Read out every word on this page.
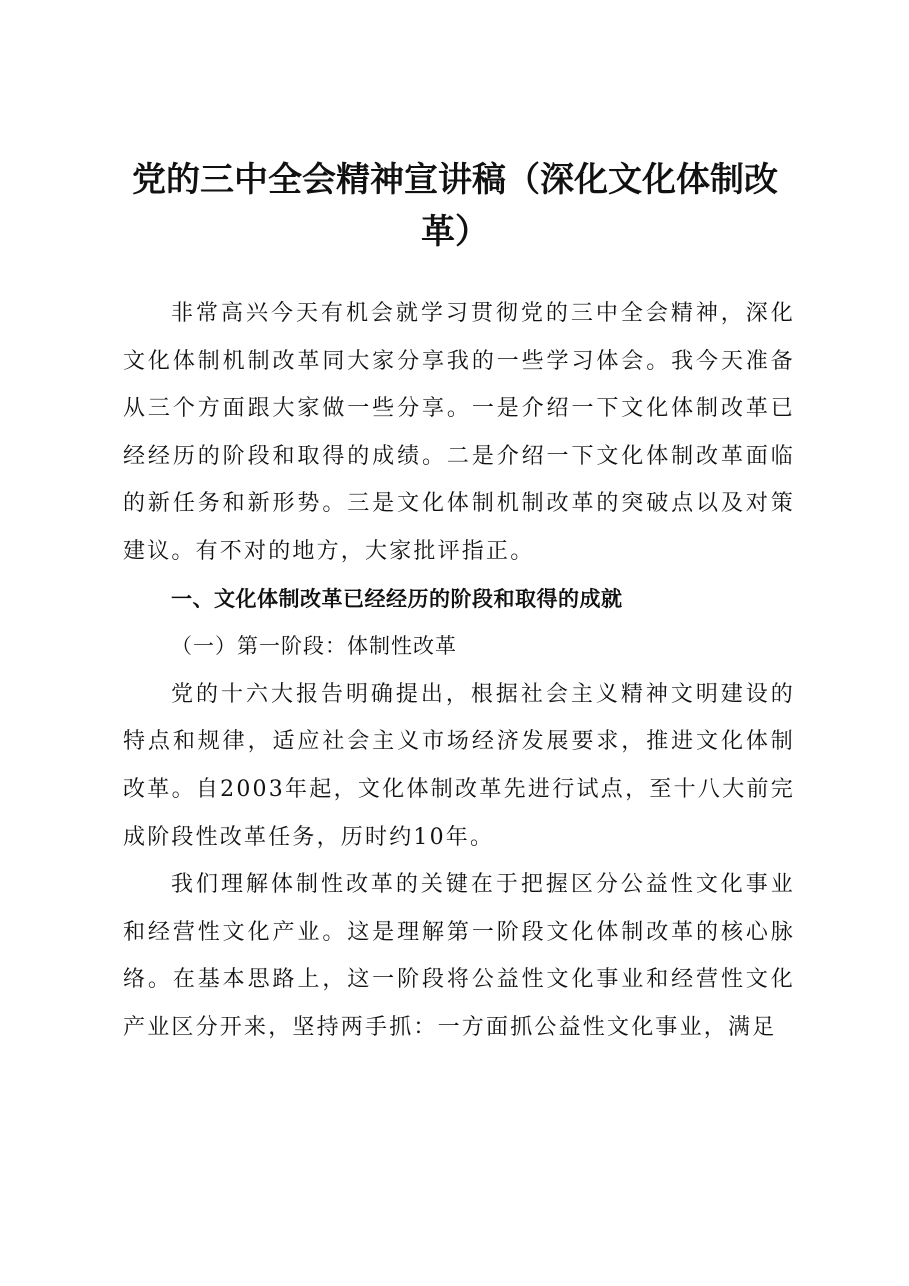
党的三中全会精神宣讲稿（深化文化体制改革）

非常高兴今天有机会就学习贯彻党的三中全会精神，深化文化体制机制改革同大家分享我的一些学习体会。我今天准备从三个方面跟大家做一些分享。一是介绍一下文化体制改革已经经历的阶段和取得的成绩。二是介绍一下文化体制改革面临的新任务和新形势。三是文化体制机制改革的突破点以及对策建议。有不对的地方，大家批评指正。

一、文化体制改革已经经历的阶段和取得的成就

（一）第一阶段：体制性改革

党的十六大报告明确提出，根据社会主义精神文明建设的特点和规律，适应社会主义市场经济发展要求，推进文化体制改革。自2003年起，文化体制改革先进行试点，至十八大前完成阶段性改革任务，历时约10年。

我们理解体制性改革的关键在于把握区分公益性文化事业和经营性文化产业。这是理解第一阶段文化体制改革的核心脉络。在基本思路上，这一阶段将公益性文化事业和经营性文化产业区分开来，坚持两手抓：一方面抓公益性文化事业，满足
